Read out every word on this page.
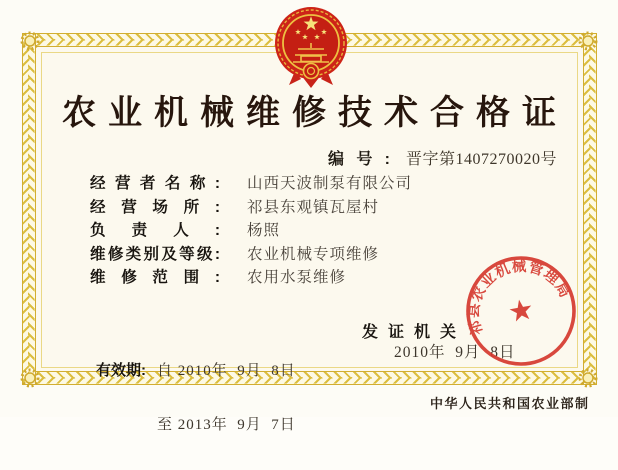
农业机械维修技术合格证
编号: 晋字第1407270020号
经营者名称: 山西天波制泵有限公司
经营场所: 祁县东观镇瓦屋村
负责人: 杨照
维修类别及等级: 农业机械专项维修
维修范围: 农用水泵维修

有效期: 自 2010年  9月  8日

至 2013年  9月  7日

发证机关
2010年  9月  8日
祁县农业机械管理局
中华人民共和国农业部制
